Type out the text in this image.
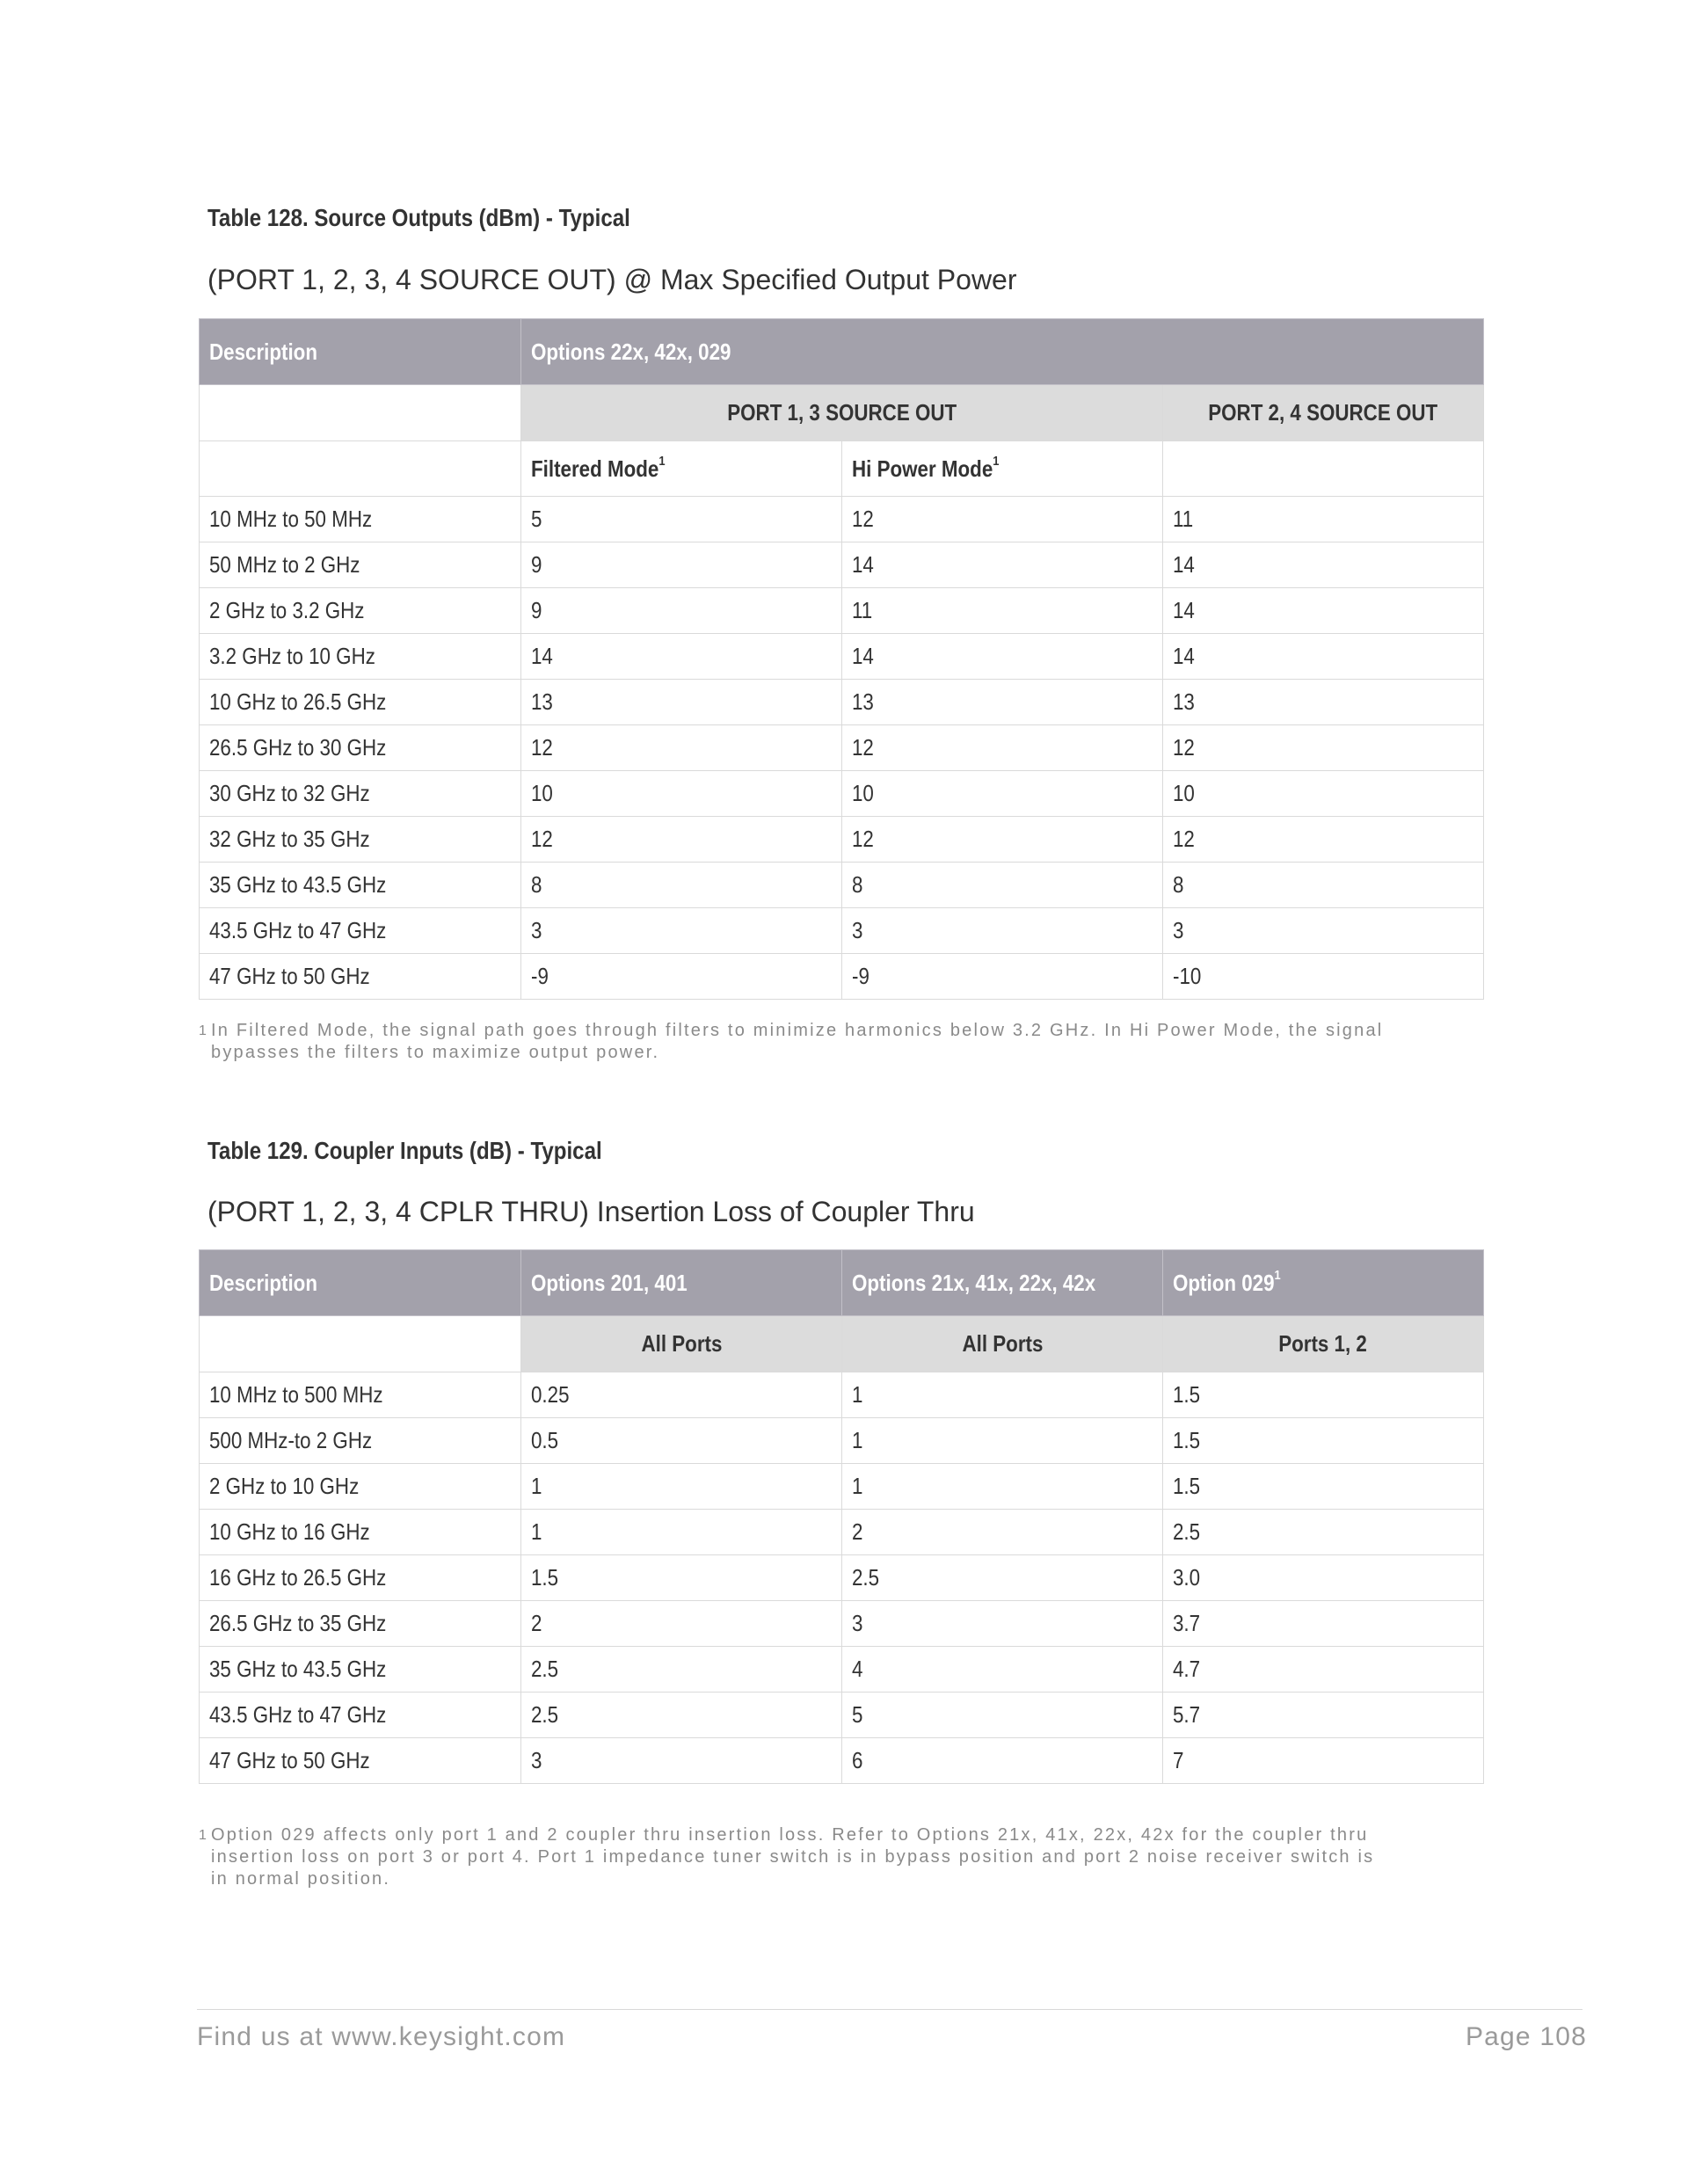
Table 128. Source Outputs (dBm) - Typical
(PORT 1, 2, 3, 4 SOURCE OUT) @ Max Specified Output Power
Description	Options 22x, 42x, 029		
	PORT 1, 3 SOURCE OUT		PORT 2, 4 SOURCE OUT
	Filtered Mode$^1$	Hi Power Mode$^1$	
10 MHz to 50 MHz	5	12	11
50 MHz to 2 GHz	9	14	14
2 GHz to 3.2 GHz	9	11	14
3.2 GHz to 10 GHz	14	14	14
10 GHz to 26.5 GHz	13	13	13
26.5 GHz to 30 GHz	12	12	12
30 GHz to 32 GHz	10	10	10
32 GHz to 35 GHz	12	12	12
35 GHz to 43.5 GHz	8	8	8
43.5 GHz to 47 GHz	3	3	3
47 GHz to 50 GHz	-9	-9	-10
1 In Filtered Mode, the signal path goes through filters to minimize harmonics below 3.2 GHz. In Hi Power Mode, the signal bypasses the filters to maximize output power.
Table 129. Coupler Inputs (dB) - Typical
(PORT 1, 2, 3, 4 CPLR THRU) Insertion Loss of Coupler Thru
Description	Options 201, 401	Options 21x, 41x, 22x, 42x	Option 029$^1$
	All Ports	All Ports	Ports 1, 2
10 MHz to 500 MHz	0.25	1	1.5
500 MHz-to 2 GHz	0.5	1	1.5
2 GHz to 10 GHz	1	1	1.5
10 GHz to 16 GHz	1	2	2.5
16 GHz to 26.5 GHz	1.5	2.5	3.0
26.5 GHz to 35 GHz	2	3	3.7
35 GHz to 43.5 GHz	2.5	4	4.7
43.5 GHz to 47 GHz	2.5	5	5.7
47 GHz to 50 GHz	3	6	7
1 Option 029 affects only port 1 and 2 coupler thru insertion loss. Refer to Options 21x, 41x, 22x, 42x for the coupler thru insertion loss on port 3 or port 4. Port 1 impedance tuner switch is in bypass position and port 2 noise receiver switch is in normal position.
Find us at www.keysight.com	Page 108
